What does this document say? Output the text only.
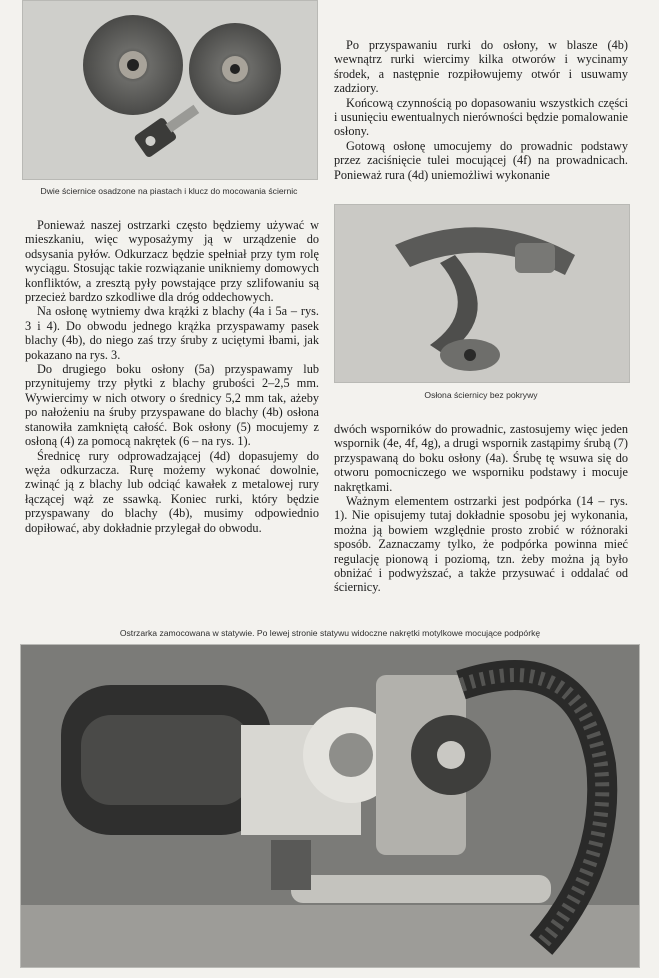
Dwie ściernice osadzone na piastach i klucz do mocowania ściernic

Ponieważ naszej ostrzarki często będziemy używać w mieszkaniu, więc wyposażymy ją w urządzenie do odsysania pyłów. Odkurzacz będzie spełniał przy tym rolę wyciągu. Stosując takie rozwiązanie unikniemy domowych konfliktów, a zresztą pyły powstające przy szlifowaniu są przecież bardzo szkodliwe dla dróg oddechowych.

Na osłonę wytniemy dwa krążki z blachy (4a i 5a – rys. 3 i 4). Do obwodu jednego krążka przyspawamy pasek blachy (4b), do niego zaś trzy śruby z uciętymi łbami, jak pokazano na rys. 3.

Do drugiego boku osłony (5a) przyspawamy lub przynitujemy trzy płytki z blachy grubości 2–2,5 mm. Wywiercimy w nich otwory o średnicy 5,2 mm tak, ażeby po nałożeniu na śruby przyspawane do blachy (4b) osłona stanowiła zamkniętą całość. Bok osłony (5) mocujemy z osłoną (4) za pomocą nakrętek (6 – na rys. 1).

Średnicę rury odprowadzającej (4d) dopasujemy do węża odkurzacza. Rurę możemy wykonać dowolnie, zwinąć ją z blachy lub odciąć kawałek z metalowej rury łączącej wąż ze ssawką. Koniec rurki, który będzie przyspawany do blachy (4b), musimy odpowiednio dopiłować, aby dokładnie przylegał do obwodu.

Po przyspawaniu rurki do osłony, w blasze (4b) wewnątrz rurki wiercimy kilka otworów i wycinamy środek, a następnie rozpiłowujemy otwór i usuwamy zadziory.

Końcową czynnością po dopasowaniu wszystkich części i usunięciu ewentualnych nierówności będzie pomalowanie osłony.

Gotową osłonę umocujemy do prowadnic podstawy przez zaciśnięcie tulei mocującej (4f) na prowadnicach. Ponieważ rura (4d) uniemożliwi wykonanie

Osłona ściernicy bez pokrywy

dwóch wsporników do prowadnic, zastosujemy więc jeden wspornik (4e, 4f, 4g), a drugi wspornik zastąpimy śrubą (7) przyspawaną do boku osłony (4a). Śrubę tę wsuwa się do otworu pomocniczego we wsporniku podstawy i mocuje nakrętkami.

Ważnym elementem ostrzarki jest podpórka (14 – rys. 1). Nie opisujemy tutaj dokładnie sposobu jej wykonania, można ją bowiem względnie prosto zrobić w różnoraki sposób. Zaznaczamy tylko, że podpórka powinna mieć regulację pionową i poziomą, tzn. żeby można ją było obniżać i podwyższać, a także przysuwać i oddalać od ściernicy.

Ostrzarka zamocowana w statywie. Po lewej stronie statywu widoczne nakrętki motylkowe mocujące podpórkę
